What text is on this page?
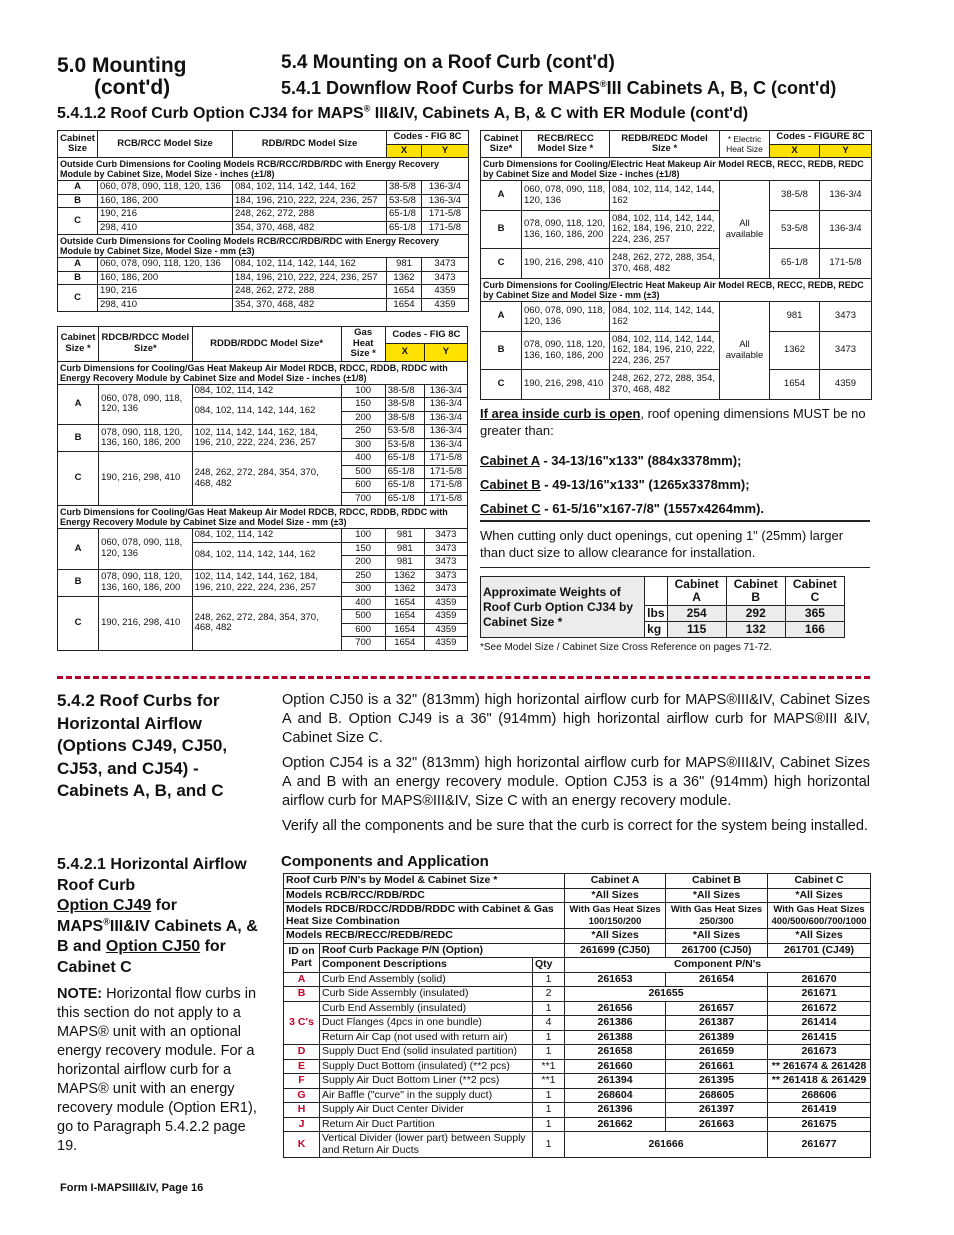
5.0 Mounting
(cont'd)
5.4 Mounting on a Roof Curb (cont'd)
5.4.1 Downflow Roof Curbs for MAPS®III Cabinets A, B, C (cont'd)
5.4.1.2 Roof Curb Option CJ34 for MAPS® III&IV, Cabinets A, B, & C with ER Module (cont'd)
Cabinet Size	RCB/RCC Model Size	RDB/RDC Model Size	Codes - FIG 8C	
			X	Y
Outside Curb Dimensions for Cooling Models RCB/RCC/RDB/RDC with Energy Recovery Module by Cabinet Size, Model Size - inches (±1/8)				
A	060, 078, 090, 118, 120, 136	084, 102, 114, 142, 144, 162	38-5/8	136-3/4
B	160, 186, 200	184, 196, 210, 222, 224, 236, 257	53-5/8	136-3/4
C	190, 216	248, 262, 272, 288	65-1/8	171-5/8
	298, 410	354, 370, 468, 482	65-1/8	171-5/8
Outside Curb Dimensions for Cooling Models RCB/RCC/RDB/RDC with Energy Recovery Module by Cabinet Size, Model Size - mm (±3)				
A	060, 078, 090, 118, 120, 136	084, 102, 114, 142, 144, 162	981	3473
B	160, 186, 200	184, 196, 210, 222, 224, 236, 257	1362	3473
C	190, 216	248, 262, 272, 288	1654	4359
	298, 410	354, 370, 468, 482	1654	4359
Cabinet Size *	RDCB/RDCC Model Size*	RDDB/RDDC Model Size*	Gas Heat Size *	Codes - FIG 8C	
				X	Y
Curb Dimensions for Cooling/Gas Heat Makeup Air Model RDCB, RDCC, RDDB, RDDC with Energy Recovery Module by Cabinet Size and Model Size - inches (±1/8)					
A	060, 078, 090, 118, 120, 136	084, 102, 114, 142	100	38-5/8	136-3/4
		084, 102, 114, 142, 144, 162	150	38-5/8	136-3/4
			200	38-5/8	136-3/4
B	078, 090, 118, 120, 136, 160, 186, 200	102, 114, 142, 144, 162, 184, 196, 210, 222, 224, 236, 257	250	53-5/8	136-3/4
			300	53-5/8	136-3/4
C	190, 216, 298, 410	248, 262, 272, 284, 354, 370, 468, 482	400	65-1/8	171-5/8
			500	65-1/8	171-5/8
			600	65-1/8	171-5/8
			700	65-1/8	171-5/8
Curb Dimensions for Cooling/Gas Heat Makeup Air Model RDCB, RDCC, RDDB, RDDC with Energy Recovery Module by Cabinet Size and Model Size - mm (±3)					
A	060, 078, 090, 118, 120, 136	084, 102, 114, 142	100	981	3473
		084, 102, 114, 142, 144, 162	150	981	3473
			200	981	3473
B	078, 090, 118, 120, 136, 160, 186, 200	102, 114, 142, 144, 162, 184, 196, 210, 222, 224, 236, 257	250	1362	3473
			300	1362	3473
C	190, 216, 298, 410	248, 262, 272, 284, 354, 370, 468, 482	400	1654	4359
			500	1654	4359
			600	1654	4359
			700	1654	4359
Cabinet Size*	RECB/RECC Model Size *	REDB/REDC Model Size *	* Electric Heat Size	Codes - FIGURE 8C	
				X	Y
Curb Dimensions for Cooling/Electric Heat Makeup Air Model RECB, RECC, REDB, REDC by Cabinet Size and Model Size - inches (±1/8)					
A	060, 078, 090, 118, 120, 136	084, 102, 114, 142, 144, 162	All available	38-5/8	136-3/4
B	078, 090, 118, 120, 136, 160, 186, 200	084, 102, 114, 142, 144, 162, 184, 196, 210, 222, 224, 236, 257		53-5/8	136-3/4
C	190, 216, 298, 410	248, 262, 272, 288, 354, 370, 468, 482		65-1/8	171-5/8
Curb Dimensions for Cooling/Electric Heat Makeup Air Model RECB, RECC, REDB, REDC by Cabinet Size and Model Size - mm (±3)					
A	060, 078, 090, 118, 120, 136	084, 102, 114, 142, 144, 162	All available	981	3473
B	078, 090, 118, 120, 136, 160, 186, 200	084, 102, 114, 142, 144, 162, 184, 196, 210, 222, 224, 236, 257		1362	3473
C	190, 216, 298, 410	248, 262, 272, 288, 354, 370, 468, 482		1654	4359
If area inside curb is open, roof opening dimensions MUST be no greater than:
Cabinet A - 34-13/16"x133" (884x3378mm);
Cabinet B - 49-13/16"x133" (1265x3378mm);
Cabinet C - 61-5/16"x167-7/8" (1557x4264mm).
When cutting only duct openings, cut opening 1" (25mm) larger than duct size to allow clearance for installation.
Approximate Weights of Roof Curb Option CJ34 by Cabinet Size *		Cabinet A	Cabinet B	Cabinet C
	lbs	254	292	365
	kg	115	132	166
*See Model Size / Cabinet Size Cross Reference on pages 71-72.
5.4.2 Roof Curbs for Horizontal Airflow (Options CJ49, CJ50, CJ53, and CJ54) - Cabinets A, B, and C

Option CJ50 is a 32" (813mm) high horizontal airflow curb for MAPS®III&IV, Cabinet Sizes A and B. Option CJ49 is a 36" (914mm) high horizontal airflow curb for MAPS®III &IV, Cabinet Size C.

Option CJ54 is a 32" (813mm) high horizontal airflow curb for MAPS®III&IV, Cabinet Sizes A and B with an energy recovery module. Option CJ53 is a 36" (914mm) high horizontal airflow curb for MAPS®III&IV, Size C with an energy recovery module.

Verify all the components and be sure that the curb is correct for the system being installed.

5.4.2.1 Horizontal Airflow Roof Curb
Option CJ49 for MAPS®III&IV Cabinets A, & B and Option CJ50 for Cabinet C
NOTE: Horizontal flow curbs in this section do not apply to a MAPS® unit with an optional energy recovery module. For a horizontal airflow curb for a MAPS® unit with an energy recovery module (Option ER1), go to Paragraph 5.4.2.2 page 19.
Components and Application
Roof Curb P/N's by Model & Cabinet Size *			Cabinet A	Cabinet B	Cabinet C
Models RCB/RCC/RDB/RDC			*All Sizes	*All Sizes	*All Sizes
Models RDCB/RDCC/RDDB/RDDC with Cabinet & Gas Heat Size Combination			With Gas Heat Sizes 100/150/200	With Gas Heat Sizes 250/300	With Gas Heat Sizes 400/500/600/700/1000
Models RECB/RECC/REDB/REDC			*All Sizes	*All Sizes	*All Sizes
ID on Part	Roof Curb Package P/N (Option)		261699 (CJ50)	261700 (CJ50)	261701 (CJ49)
	Component Descriptions	Qty	Component P/N's		
A	Curb End Assembly (solid)	1	261653	261654	261670
B	Curb Side Assembly (insulated)	2	261655		261671
3 C's	Curb End Assembly (insulated)	1	261656	261657	261672
	Duct Flanges (4pcs in one bundle)	4	261386	261387	261414
	Return Air Cap (not used with return air)	1	261388	261389	261415
D	Supply Duct End (solid insulated partition)	1	261658	261659	261673
E	Supply Duct Bottom (insulated) (**2 pcs)	**1	261660	261661	** 261674 & 261428
F	Supply Air Duct Bottom Liner (**2 pcs)	**1	261394	261395	** 261418 & 261429
G	Air Baffle ("curve" in the supply duct)	1	268604	268605	268606
H	Supply Air Duct Center Divider	1	261396	261397	261419
J	Return Air Duct Partition	1	261662	261663	261675
K	Vertical Divider (lower part) between Supply and Return Air Ducts	1	261666		261677
Form I-MAPSIII&IV, Page 16
